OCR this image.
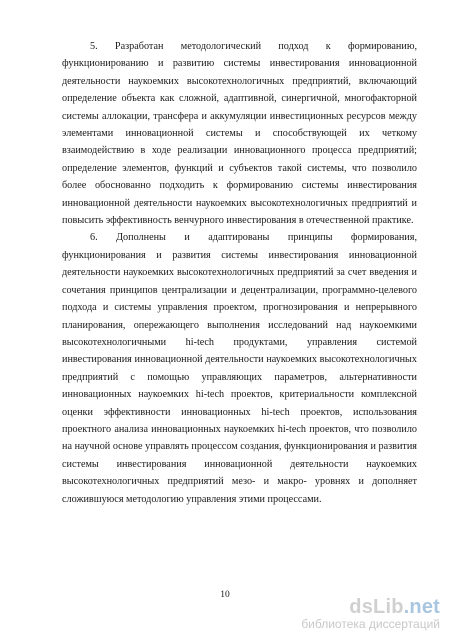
5. Разработан методологический подход к формированию, функционированию и развитию системы инвестирования инновационной деятельности наукоемких высокотехнологичных предприятий, включающий определение объекта как сложной, адаптивной, синергичной, многофакторной системы аллокации, трансфера и аккумуляции инвестиционных ресурсов между элементами инновационной системы и способствующей их четкому взаимодействию в ходе реализации инновационного процесса предприятий; определение элементов, функций и субъектов такой системы, что позволило более обоснованно подходить к формированию системы инвестирования инновационной деятельности наукоемких высокотехнологичных предприятий и повысить эффективность венчурного инвестирования в отечественной практике.

6. Дополнены и адаптированы принципы формирования, функционирования и развития системы инвестирования инновационной деятельности наукоемких высокотехнологичных предприятий за счет введения и сочетания принципов централизации и децентрализации, программно-целевого подхода и системы управления проектом, прогнозирования и непрерывного планирования, опережающего выполнения исследований над наукоемкими высокотехнологичными hi-tech продуктами, управления системой инвестирования инновационной деятельности наукоемких высокотехнологичных предприятий с помощью управляющих параметров, альтернативности инновационных наукоемких hi-tech проектов, критериальности комплексной оценки эффективности инновационных hi-tech проектов, использования проектного анализа инновационных наукоемких hi-tech проектов, что позволило на научной основе управлять процессом создания, функционирования и развития системы инвестирования инновационной деятельности наукоемких высокотехнологичных предприятий мезо- и макро- уровнях и дополняет сложившуюся методологию управления этими процессами.

10
dsLib.net
библиотека диссертаций
